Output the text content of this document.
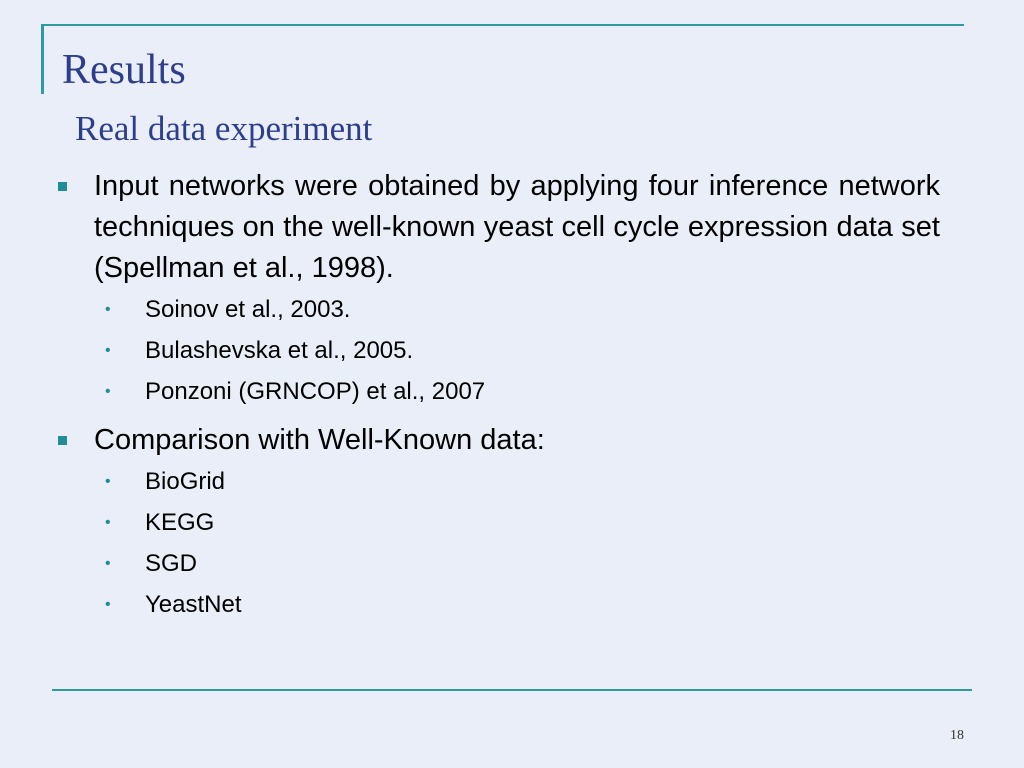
Results
Real data experiment
Input networks were obtained by applying four inference network techniques on the well-known yeast cell cycle expression data set (Spellman et al., 1998).
• Soinov et al., 2003.
• Bulashevska et al., 2005.
• Ponzoni (GRNCOP) et al., 2007
Comparison with Well-Known data:
• BioGrid
• KEGG
• SGD
• YeastNet
18
